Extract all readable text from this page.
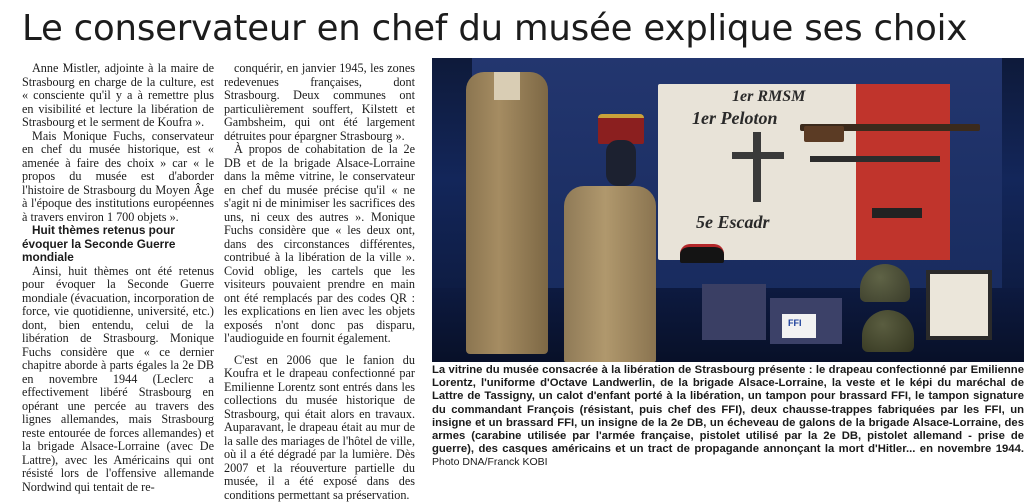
Le conservateur en chef du musée explique ses choix

Anne Mistler, adjointe à la maire de Strasbourg en charge de la culture, est « consciente qu'il y a à remettre plus en visibilité et lecture la libération de Strasbourg et le serment de Koufra ».

Mais Monique Fuchs, conservateur en chef du musée historique, est « amenée à faire des choix » car « le propos du musée est d'aborder l'histoire de Strasbourg du Moyen Âge à l'époque des institutions européennes à travers environ 1 700 objets ».

Huit thèmes retenus pour évoquer la Seconde Guerre mondiale

Ainsi, huit thèmes ont été retenus pour évoquer la Seconde Guerre mondiale (évacuation, incorporation de force, vie quotidienne, université, etc.) dont, bien entendu, celui de la libération de Strasbourg. Monique Fuchs considère que « ce dernier chapitre aborde à parts égales la 2e DB en novembre 1944 (Leclerc a effectivement libéré Strasbourg en opérant une percée au travers des lignes allemandes, mais Strasbourg reste entourée de forces allemandes) et la brigade Alsace-Lorraine (avec De Lattre), avec les Américains qui ont résisté lors de l'offensive allemande Nordwind qui tentait de re-

conquérir, en janvier 1945, les zones redevenues françaises, dont Strasbourg. Deux communes ont particulièrement souffert, Kilstett et Gambsheim, qui ont été largement détruites pour épargner Strasbourg ».

À propos de cohabitation de la 2e DB et de la brigade Alsace-Lorraine dans la même vitrine, le conservateur en chef du musée précise qu'il « ne s'agit ni de minimiser les sacrifices des uns, ni ceux des autres ». Monique Fuchs considère que « les deux ont, dans des circonstances différentes, contribué à la libération de la ville ». Covid oblige, les cartels que les visiteurs pouvaient prendre en main ont été remplacés par des codes QR : les explications en lien avec les objets exposés n'ont donc pas disparu, l'audioguide en fournit également.

C'est en 2006 que le fanion du Koufra et le drapeau confectionné par Emilienne Lorentz sont entrés dans les collections du musée historique de Strasbourg, qui était alors en travaux. Auparavant, le drapeau était au mur de la salle des mariages de l'hôtel de ville, où il a été dégradé par la lumière. Dès 2007 et la réouverture partielle du musée, il a été exposé dans des conditions permettant sa préservation.

1er RMSM
1er Peloton
5e Escadr
FFI
La vitrine du musée consacrée à la libération de Strasbourg présente : le drapeau confectionné par Emilienne Lorentz, l'uniforme d'Octave Landwerlin, de la brigade Alsace-Lorraine, la veste et le képi du maréchal de Lattre de Tassigny, un calot d'enfant porté à la libération, un tampon pour brassard FFI, le tampon signature du commandant François (résistant, puis chef des FFI), deux chausse-trappes fabriquées par les FFI, un insigne et un brassard FFI, un insigne de la 2e DB, un écheveau de galons de la brigade Alsace-Lorraine, des armes (carabine utilisée par l'armée française, pistolet utilisé par la 2e DB, pistolet allemand - prise de guerre), des casques américains et un tract de propagande annonçant la mort d'Hitler... en novembre 1944. Photo DNA/Franck KOBI
